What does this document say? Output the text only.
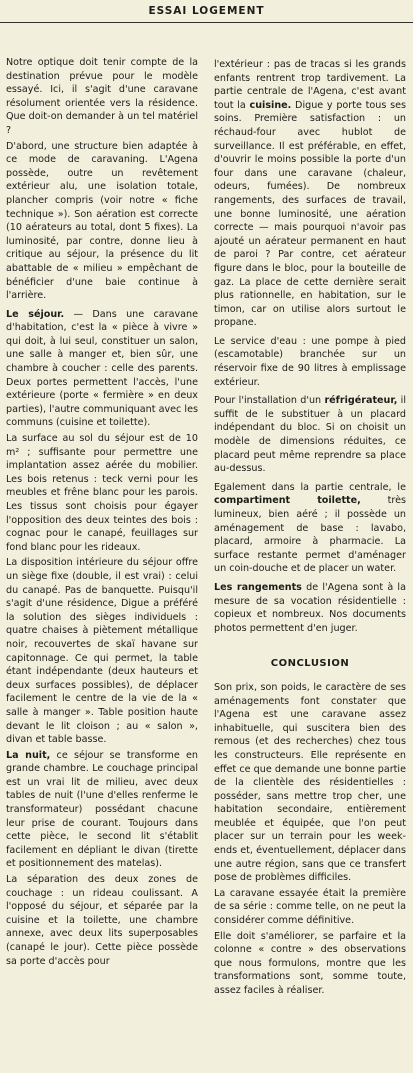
ESSAI LOGEMENT

Notre optique doit tenir compte de la destination prévue pour le modèle essayé. Ici, il s'agit d'une caravane résolument orientée vers la résidence. Que doit-on demander à un tel matériel ?

D'abord, une structure bien adaptée à ce mode de caravaning. L'Agena possède, outre un revêtement extérieur alu, une isolation totale, plancher compris (voir notre « fiche technique »). Son aération est correcte (10 aérateurs au total, dont 5 fixes). La luminosité, par contre, donne lieu à critique au séjour, la présence du lit abattable de « milieu » empêchant de bénéficier d'une baie continue à l'arrière.

Le séjour. — Dans une caravane d'habitation, c'est la « pièce à vivre » qui doit, à lui seul, constituer un salon, une salle à manger et, bien sûr, une chambre à coucher : celle des parents. Deux portes permettent l'accès, l'une extérieure (porte « fermière » en deux parties), l'autre communiquant avec les communs (cuisine et toilette).

La surface au sol du séjour est de 10 m² ; suffisante pour permettre une implantation assez aérée du mobilier. Les bois retenus : teck verni pour les meubles et frêne blanc pour les parois. Les tissus sont choisis pour égayer l'opposition des deux teintes des bois : cognac pour le canapé, feuillages sur fond blanc pour les rideaux.

La disposition intérieure du séjour offre un siège fixe (double, il est vrai) : celui du canapé. Pas de banquette. Puisqu'il s'agit d'une résidence, Digue a préféré la solution des sièges individuels : quatre chaises à piètement métallique noir, recouvertes de skaï havane sur capitonnage. Ce qui permet, la table étant indépendante (deux hauteurs et deux surfaces possibles), de déplacer facilement le centre de la vie de la « salle à manger ». Table position haute devant le lit cloison ; au « salon », divan et table basse.

La nuit, ce séjour se transforme en grande chambre. Le couchage principal est un vrai lit de milieu, avec deux tables de nuit (l'une d'elles renferme le transformateur) possédant chacune leur prise de courant. Toujours dans cette pièce, le second lit s'établit facilement en dépliant le divan (tirette et positionnement des matelas).

La séparation des deux zones de couchage : un rideau coulissant. A l'opposé du séjour, et séparée par la cuisine et la toilette, une chambre annexe, avec deux lits superposables (canapé le jour). Cette pièce possède sa porte d'accès pour

l'extérieur : pas de tracas si les grands enfants rentrent trop tardivement. La partie centrale de l'Agena, c'est avant tout la cuisine. Digue y porte tous ses soins. Première satisfaction : un réchaud-four avec hublot de surveillance. Il est préférable, en effet, d'ouvrir le moins possible la porte d'un four dans une caravane (chaleur, odeurs, fumées). De nombreux rangements, des surfaces de travail, une bonne luminosité, une aération correcte — mais pourquoi n'avoir pas ajouté un aérateur permanent en haut de paroi ? Par contre, cet aérateur figure dans le bloc, pour la bouteille de gaz. La place de cette dernière serait plus rationnelle, en habitation, sur le timon, car on utilise alors surtout le propane.

Le service d'eau : une pompe à pied (escamotable) branchée sur un réservoir fixe de 90 litres à emplissage extérieur.

Pour l'installation d'un réfrigérateur, il suffit de le substituer à un placard indépendant du bloc. Si on choisit un modèle de dimensions réduites, ce placard peut même reprendre sa place au-dessus.

Egalement dans la partie centrale, le compartiment toilette, très lumineux, bien aéré ; il possède un aménagement de base : lavabo, placard, armoire à pharmacie. La surface restante permet d'aménager un coin-douche et de placer un water.

Les rangements de l'Agena sont à la mesure de sa vocation résidentielle : copieux et nombreux. Nos documents photos permettent d'en juger.

CONCLUSION

Son prix, son poids, le caractère de ses aménagements font constater que l'Agena est une caravane assez inhabituelle, qui suscitera bien des remous (et des recherches) chez tous les constructeurs. Elle représente en effet ce que demande une bonne partie de la clientèle des résidentielles : posséder, sans mettre trop cher, une habitation secondaire, entièrement meublée et équipée, que l'on peut placer sur un terrain pour les week-ends et, éventuellement, déplacer dans une autre région, sans que ce transfert pose de problèmes difficiles.

La caravane essayée était la première de sa série : comme telle, on ne peut la considérer comme définitive.

Elle doit s'améliorer, se parfaire et la colonne « contre » des observations que nous formulons, montre que les transformations sont, somme toute, assez faciles à réaliser.
